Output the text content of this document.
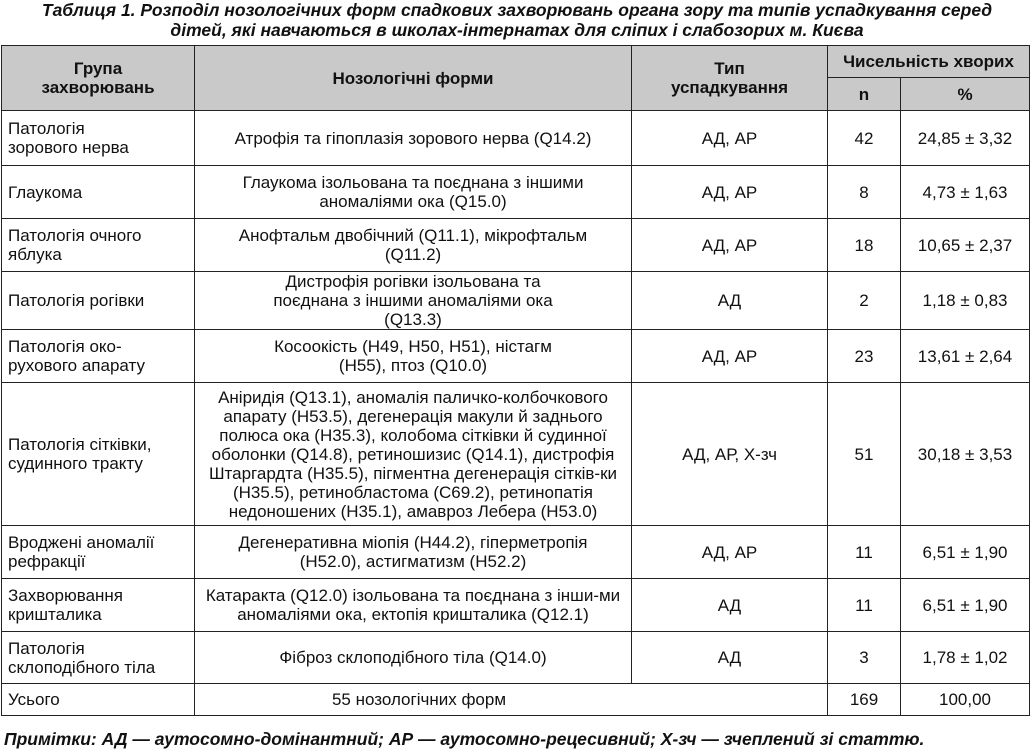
Таблиця 1. Розподіл нозологічних форм спадкових захворювань органа зору та типів успадкування серед
дітей, які навчаються в школах-інтернатах для сліпих і слабозорих м. Києва
Група захворювань	Нозологічні форми	Тип успадкування	Чисельність хворих	
			n	%
Патологія зорового нерва	Атрофія та гіпоплазія зорового нерва (Q14.2)	АД, АР	42	24,85 ± 3,32
Глаукома	Глаукома ізольована та поєднана з іншими аномаліями ока (Q15.0)	АД, АР	8	4,73 ± 1,63
Патологія очного яблука	Анофтальм двобічний (Q11.1), мікрофтальм (Q11.2)	АД, АР	18	10,65 ± 2,37
Патологія рогівки	Дистрофія рогівки ізольована та поєднана з іншими аномаліями ока (Q13.3)	АД	2	1,18 ± 0,83
Патологія око-рухового апарату	Косоокість (Н49, Н50, Н51), ністагм (Н55), птоз (Q10.0)	АД, АР	23	13,61 ± 2,64
Патологія сітківки, судинного тракту	Аніридія (Q13.1), аномалія паличко-колбочкового апарату (Н53.5), дегенерація макули й заднього полюса ока (Н35.3), колобома сітківки й судинної оболонки (Q14.8), ретиношизис (Q14.1), дистрофія Штаргардта (Н35.5), пігментна дегенерація сітків-ки (Н35.5), ретинобластома (С69.2), ретинопатія недоношених (Н35.1), амавроз Лебера (Н53.0)	АД, АР, Х-зч	51	30,18 ± 3,53
Вроджені аномалії рефракції	Дегенеративна міопія (Н44.2), гіперметропія (Н52.0), астигматизм (Н52.2)	АД, АР	11	6,51 ± 1,90
Захворювання кришталика	Катаракта (Q12.0) ізольована та поєднана з інши-ми аномаліями ока, ектопія кришталика (Q12.1)	АД	11	6,51 ± 1,90
Патологія склоподібного тіла	Фіброз склоподібного тіла (Q14.0)	АД	3	1,78 ± 1,02
Усього	55 нозологічних форм		169	100,00
Примітки: АД — аутосомно-домінантний; АР — аутосомно-рецесивний; Х-зч — зчеплений зі статтю.
